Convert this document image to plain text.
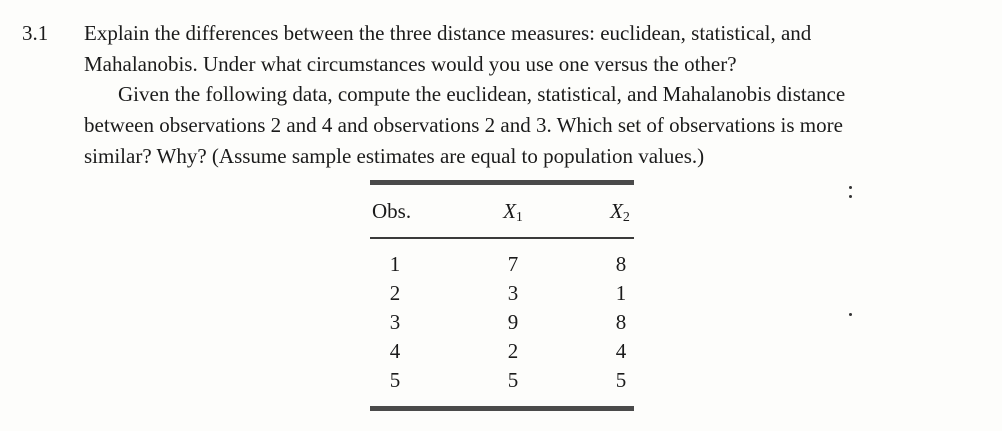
3.1 Explain the differences between the three distance measures: euclidean, statistical, and
Mahalanobis. Under what circumstances would you use one versus the other?
Given the following data, compute the euclidean, statistical, and Mahalanobis distance
between observations 2 and 4 and observations 2 and 3. Which set of observations is more
similar? Why? (Assume sample estimates are equal to population values.)
Obs.	$X_1$	$X_2$
1	7	8
2	3	1
3	9	8
4	2	4
5	5	5
